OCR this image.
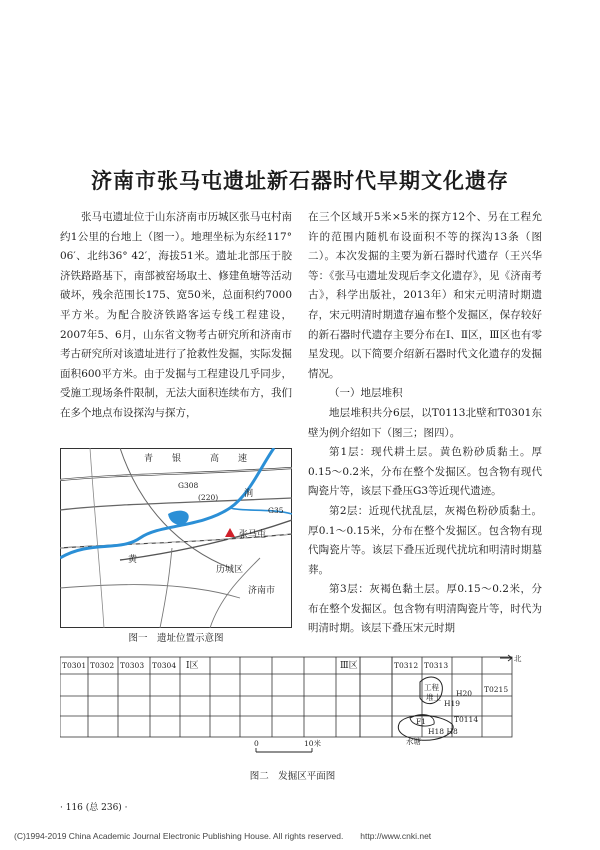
济南市张马屯遗址新石器时代早期文化遗存

张马屯遗址位于山东济南市历城区张马屯村南约1公里的台地上（图一）。地理坐标为东经117° 06′、北纬36° 42′，海拔51米。遗址北部压于胶济铁路路基下，南部被窑场取土、修建鱼塘等活动破坏，残余范围长175、宽50米，总面积约7000平方米。为配合胶济铁路客运专线工程建设，2007年5、6月，山东省文物考古研究所和济南市考古研究所对该遗址进行了抢救性发掘，实际发掘面积600平方米。由于发掘与工程建设几乎同步，受施工现场条件限制，无法大面积连续布方，我们在多个地点布设探沟与探方，

在三个区域开5米×5米的探方12个、另在工程允许的范围内随机布设面积不等的探沟13条（图二）。本次发掘的主要为新石器时代遗存（王兴华等：《张马屯遗址发现后李文化遗存》，见《济南考古》，科学出版社，2013年）和宋元明清时期遗存，宋元明清时期遗存遍布整个发掘区，保存较好的新石器时代遗存主要分布在Ⅰ、Ⅱ区，Ⅲ区也有零星发现。以下简要介绍新石器时代文化遗存的发掘情况。

（一）地层堆积

地层堆积共分6层，以T0113北壁和T0301东壁为例介绍如下（图三；图四）。

第1层：现代耕土层。黄色粉砂质黏土。厚0.15～0.2米，分布在整个发掘区。包含物有现代陶瓷片等，该层下叠压G3等近现代遗迹。

第2层：近现代扰乱层，灰褐色粉砂质黏土。厚0.1～0.15米，分布在整个发掘区。包含物有现代陶瓷片等。该层下叠压近现代扰坑和明清时期墓葬。

第3层：灰褐色黏土层。厚0.15～0.2米，分布在整个发掘区。包含物有明清陶瓷片等，时代为明清时期。该层下叠压宋元时期

青 银	高 速
G308
(220)	涧
G35
张马屯
黄
历城区
济南市
图一　遗址位置示意图
T0301 T0302 T0303 T0304 Ⅰ区	Ⅲ区	T0312 T0313
T0215
T0114
工程
堆土 H20
H19
F1
H18 H8
水塘
北
0	10米
图二　发掘区平面图
· 116 (总 236) ·
(C)1994-2019 China Academic Journal Electronic Publishing House. All rights reserved.　　http://www.cnki.net
